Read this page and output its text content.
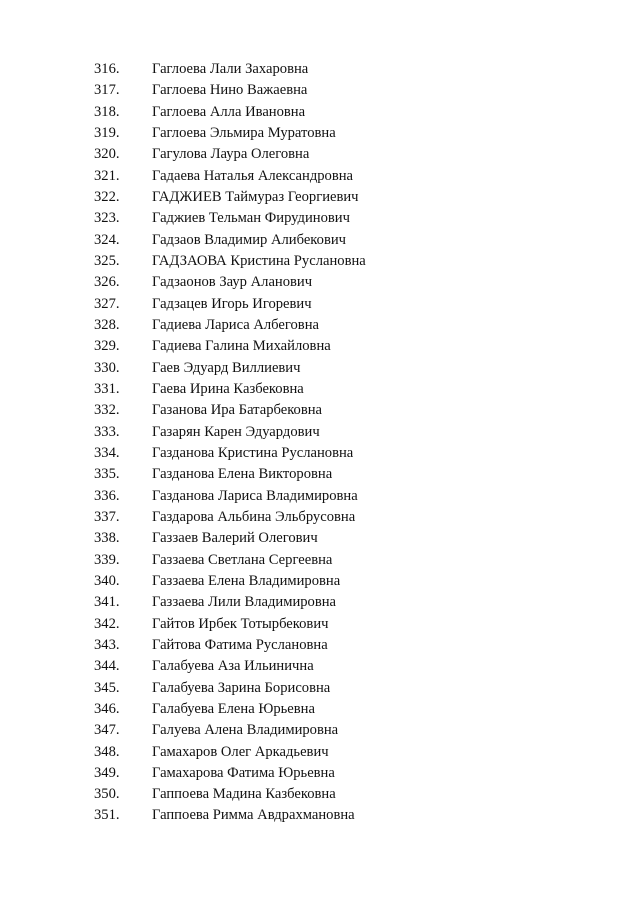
316.	Гаглоева Лали Захаровна
317.	Гаглоева Нино Важаевна
318.	Гаглоева Алла Ивановна
319.	Гаглоева Эльмира Муратовна
320.	Гагулова Лаура Олеговна
321.	Гадаева Наталья Александровна
322.	ГАДЖИЕВ Таймураз Георгиевич
323.	Гаджиев Тельман Фирудинович
324.	Гадзаов Владимир Алибекович
325.	ГАДЗАОВА Кристина Руслановна
326.	Гадзаонов Заур Аланович
327.	Гадзацев Игорь Игоревич
328.	Гадиева Лариса Албеговна
329.	Гадиева Галина Михайловна
330.	Гаев Эдуард Виллиевич
331.	Гаева Ирина Казбековна
332.	Газанова Ира Батарбековна
333.	Газарян Карен Эдуардович
334.	Газданова Кристина Руслановна
335.	Газданова Елена Викторовна
336.	Газданова Лариса Владимировна
337.	Газдарова Альбина Эльбрусовна
338.	Газзаев Валерий Олегович
339.	Газзаева Светлана Сергеевна
340.	Газзаева Елена Владимировна
341.	Газзаева Лили Владимировна
342.	Гайтов Ирбек Тотырбекович
343.	Гайтова Фатима Руслановна
344.	Галабуева Аза Ильинична
345.	Галабуева Зарина Борисовна
346.	Галабуева Елена Юрьевна
347.	Галуева Алена Владимировна
348.	Гамахаров Олег Аркадьевич
349.	Гамахарова Фатима Юрьевна
350.	Гаппоева Мадина Казбековна
351.	Гаппоева Римма Авдрахмановна
